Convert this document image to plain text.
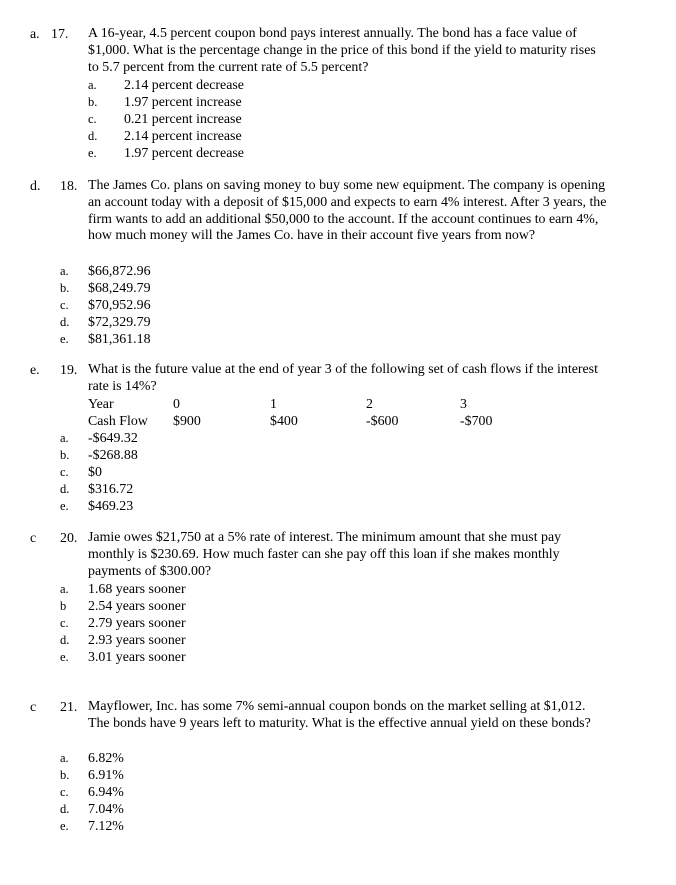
a. 17. A 16-year, 4.5 percent coupon bond pays interest annually. The bond has a face value of $1,000. What is the percentage change in the price of this bond if the yield to maturity rises to 5.7 percent from the current rate of 5.5 percent?

a. 2.14 percent decrease
b. 1.97 percent increase
c. 0.21 percent increase
d. 2.14 percent increase
e. 1.97 percent decrease
d. 18. The James Co. plans on saving money to buy some new equipment. The company is opening an account today with a deposit of $15,000 and expects to earn 4% interest. After 3 years, the firm wants to add an additional $50,000 to the account. If the account continues to earn 4%, how much money will the James Co. have in their account five years from now?

a. $66,872.96
b. $68,249.79
c. $70,952.96
d. $72,329.79
e. $81,361.18
e. 19. What is the future value at the end of year 3 of the following set of cash flows if the interest rate is 14%?

Year	0	1	2	3
Cash Flow $900	$400	-$600	-$700
a. -$649.32
b. -$268.88
c. $0
d. $316.72
e. $469.23
c 20. Jamie owes $21,750 at a 5% rate of interest. The minimum amount that she must pay monthly is $230.69. How much faster can she pay off this loan if she makes monthly payments of $300.00?

a. 1.68 years sooner
b 2.54 years sooner
c. 2.79 years sooner
d. 2.93 years sooner
e. 3.01 years sooner
c 21. Mayflower, Inc. has some 7% semi-annual coupon bonds on the market selling at $1,012. The bonds have 9 years left to maturity. What is the effective annual yield on these bonds?

a. 6.82%
b. 6.91%
c. 6.94%
d. 7.04%
e. 7.12%
